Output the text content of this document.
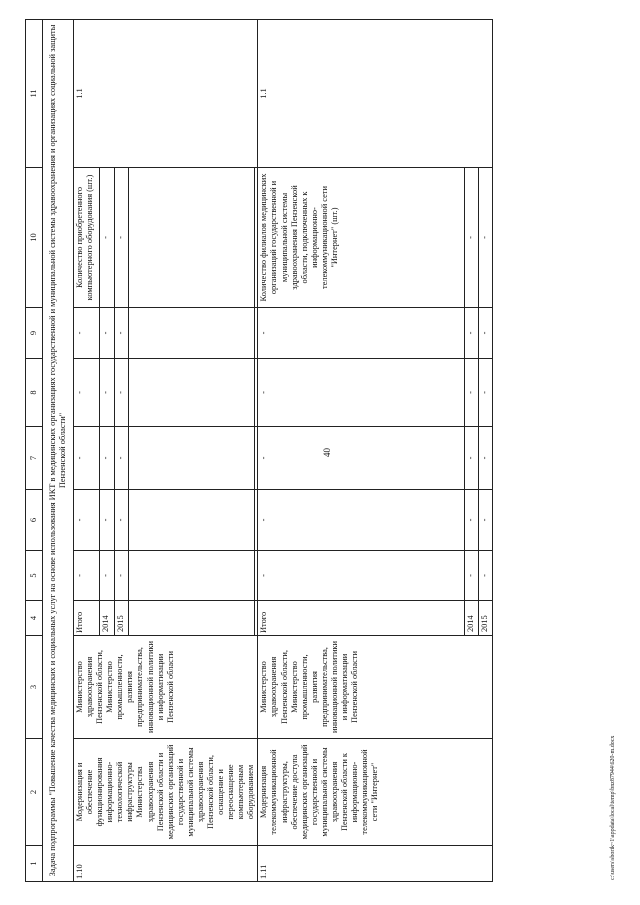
40
1	2	3	4	5	6	7	8	9	10	11	
Задача подпрограммы "Повышение качества медицинских и социальных услуг на основе использования ИКТ в медицинских организациях государственной и муниципальной системы здравоохранения и организациях социальной защиты Пензенской области"											
1.10	Модернизация и обеспечение функционирования информационно-технологической инфраструктуры Министерства здравоохранения Пензенской области и медицинских организаций государственной и муниципальной системы здравоохранения Пензенской области, оснащение и переоснащение компьютерным оборудованием	Министерство здравоохранения Пензенской области, Министерство промышленности, развития предпринимательства, инновационной политики и информатизации Пензенской области	Итого	-	-	-	-	-	Количество приобретенного компьютерного оборудования (шт.)	1.1	
			2014	-	-	-	-	-	-		
			2015	-	-	-	-	-	-		

1.11	Модернизация телекоммуникационной инфраструктуры, обеспечение доступа медицинских организаций государственной и муниципальной системы здравоохранения Пензенской области к информационно-телекоммуникационной сети "Интернет"	Министерство здравоохранения Пензенской области, Министерство промышленности, развития предпринимательства, инновационной политики и информатизации Пензенской области	Итого	-	-	-	-	-	Количество филиалов медицинских организаций государственной и муниципальной системы здравоохранения Пензенской области, подключенных к информационно-телекоммуникационной сети "Интернет" (шт.)	1.1	
			2014	-	-	-	-	-	-		
			2015	-	-	-	-	-	-		
c:\users\sborik~1\appdata\local\temp\bnz87944\620-m.docx
